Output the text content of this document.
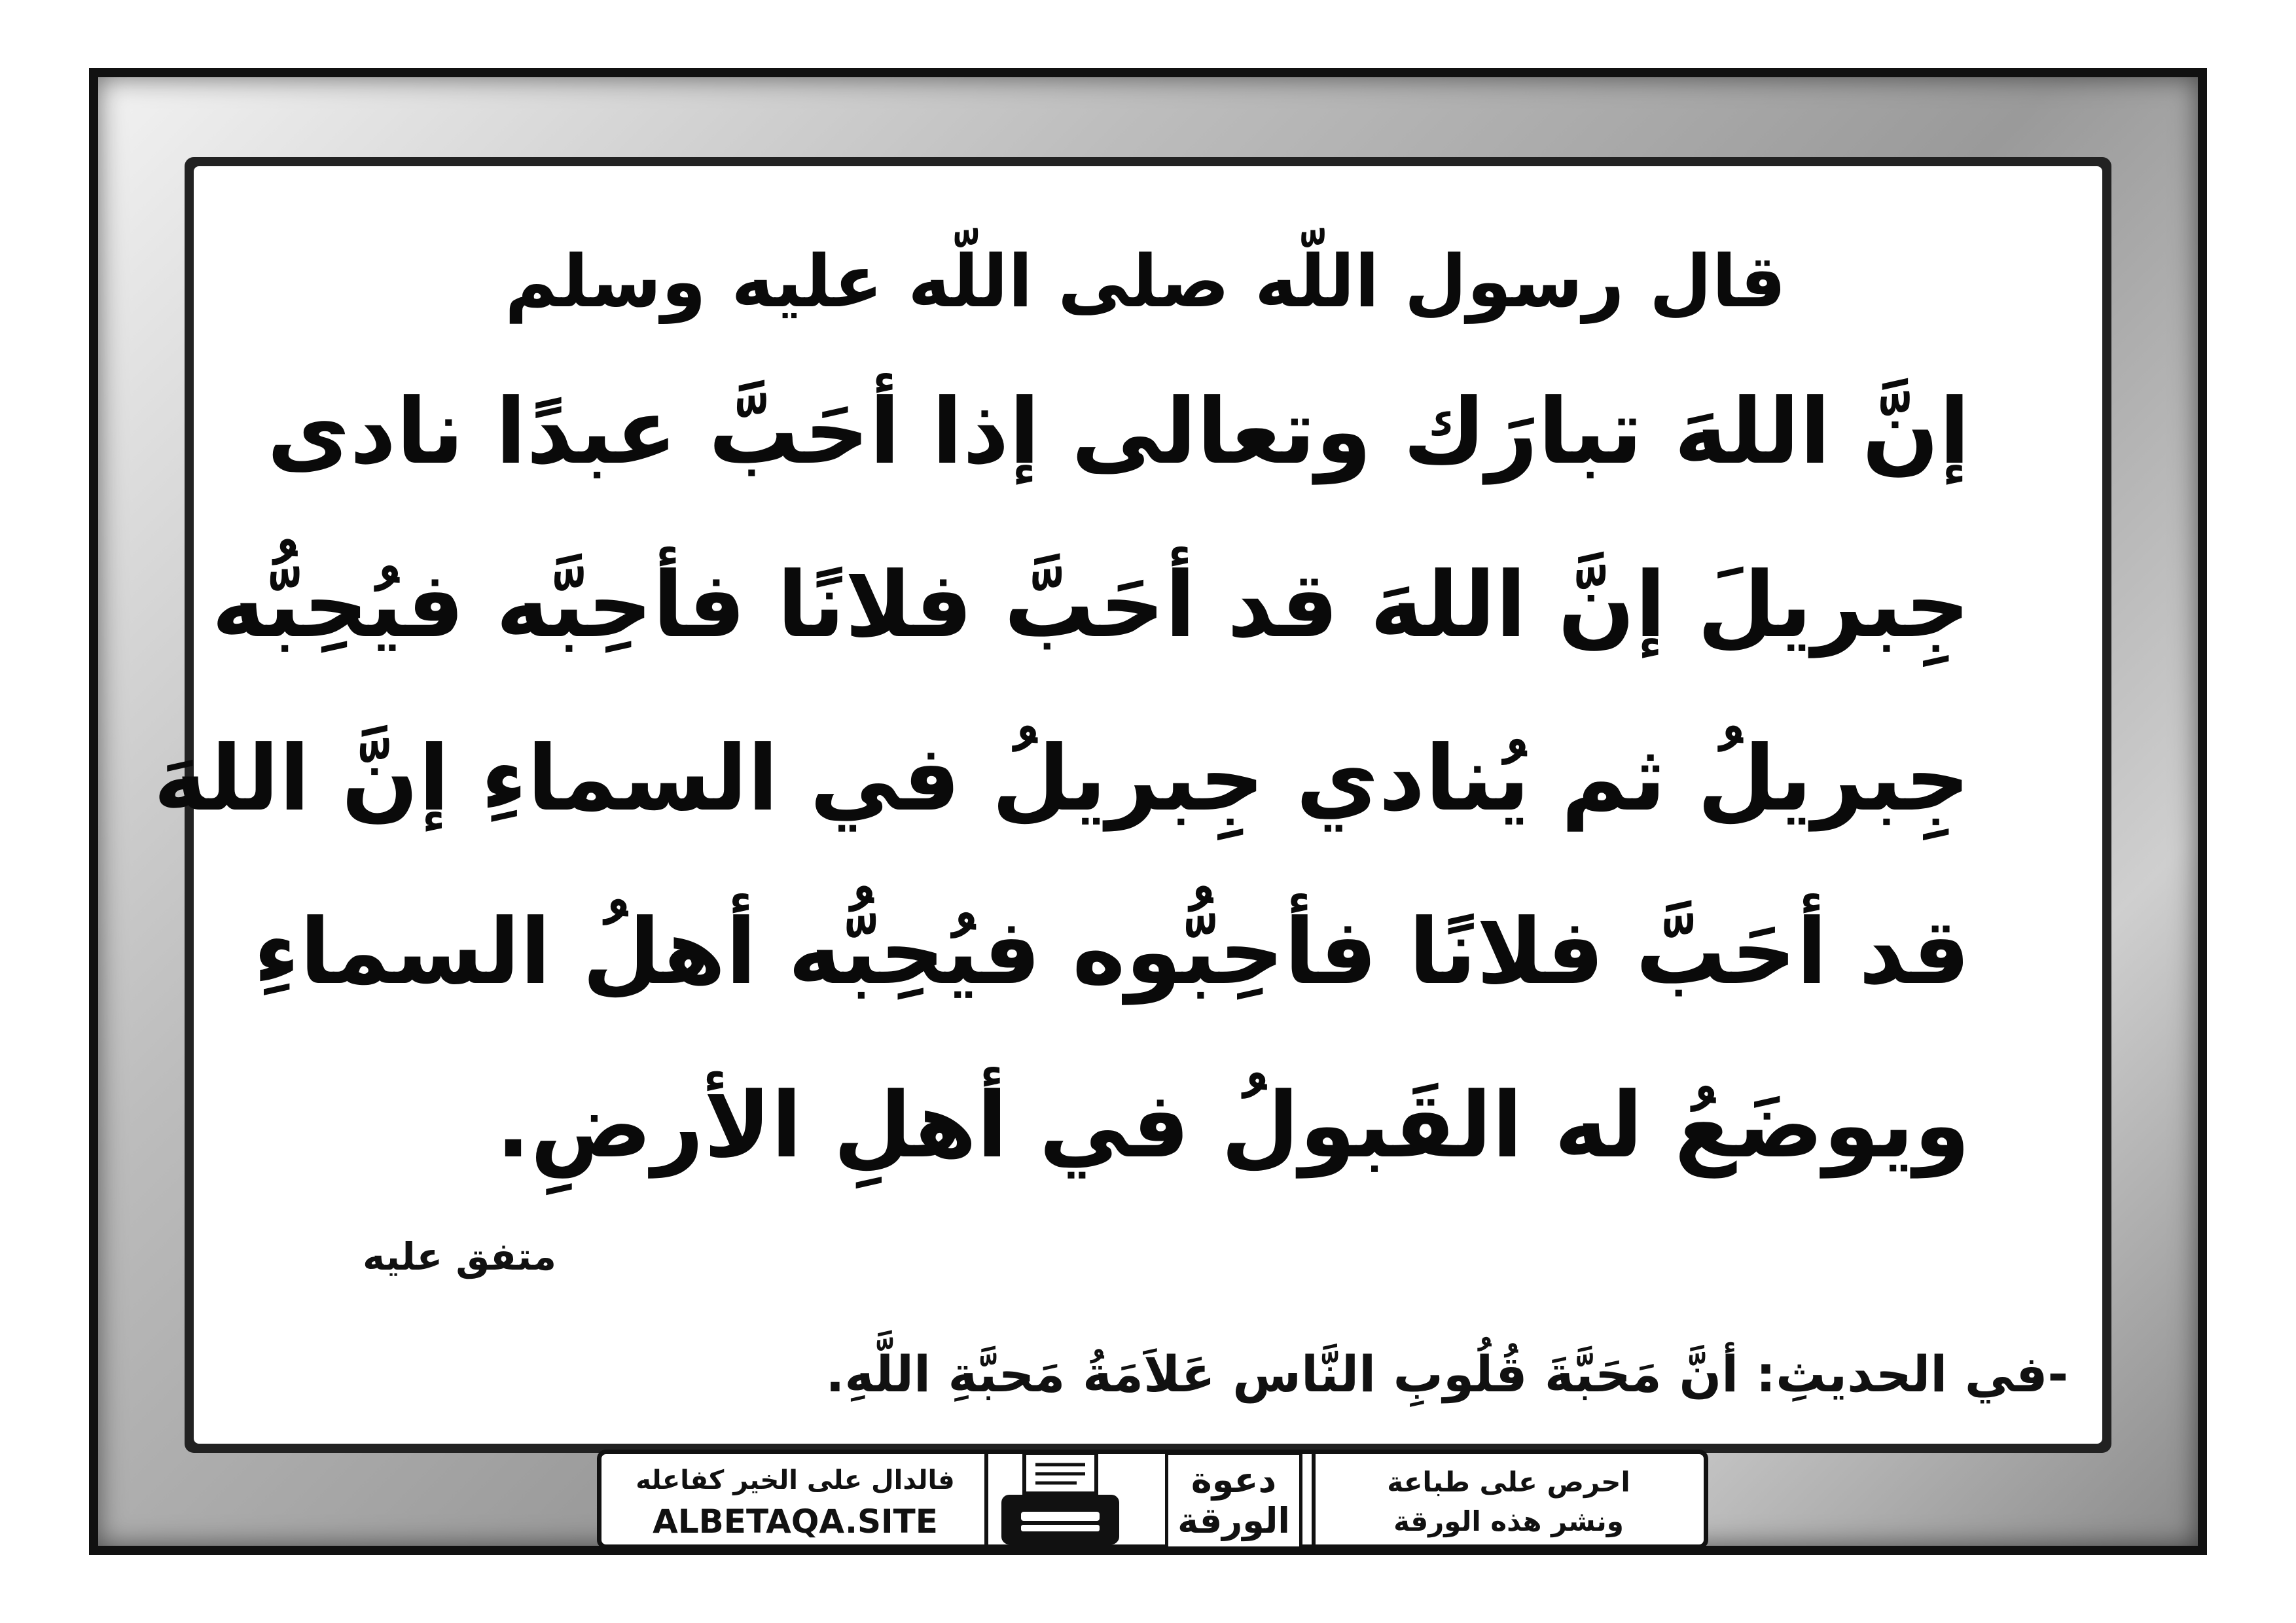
قال رسول اللّه صلى اللّه عليه وسلم
إنَّ اللهَ تبارَك وتعالى إذا أحَبَّ عبدًا نادى
جِبريلَ إنَّ اللهَ قد أحَبَّ فلانًا فأحِبَّه فيُحِبُّه
جِبريلُ ثم يُنادي جِبريلُ في السماءِ إنَّ اللهَ
قد أحَبَّ فلانًا فأحِبُّوه فيُحِبُّه أهلُ السماءِ
ويوضَعُ له القَبولُ في أهلِ الأرضِ.
متفق عليه
-في الحديثِ: أنَّ مَحَبَّةَ قُلُوبِ النَّاس عَلاَمَةُ مَحبَّةِ اللَّهِ.
فالدال على الخير كفاعله
ALBETAQA.SITE
دعوة
الورقة
احرص على طباعة
ونشر هذه الورقة
